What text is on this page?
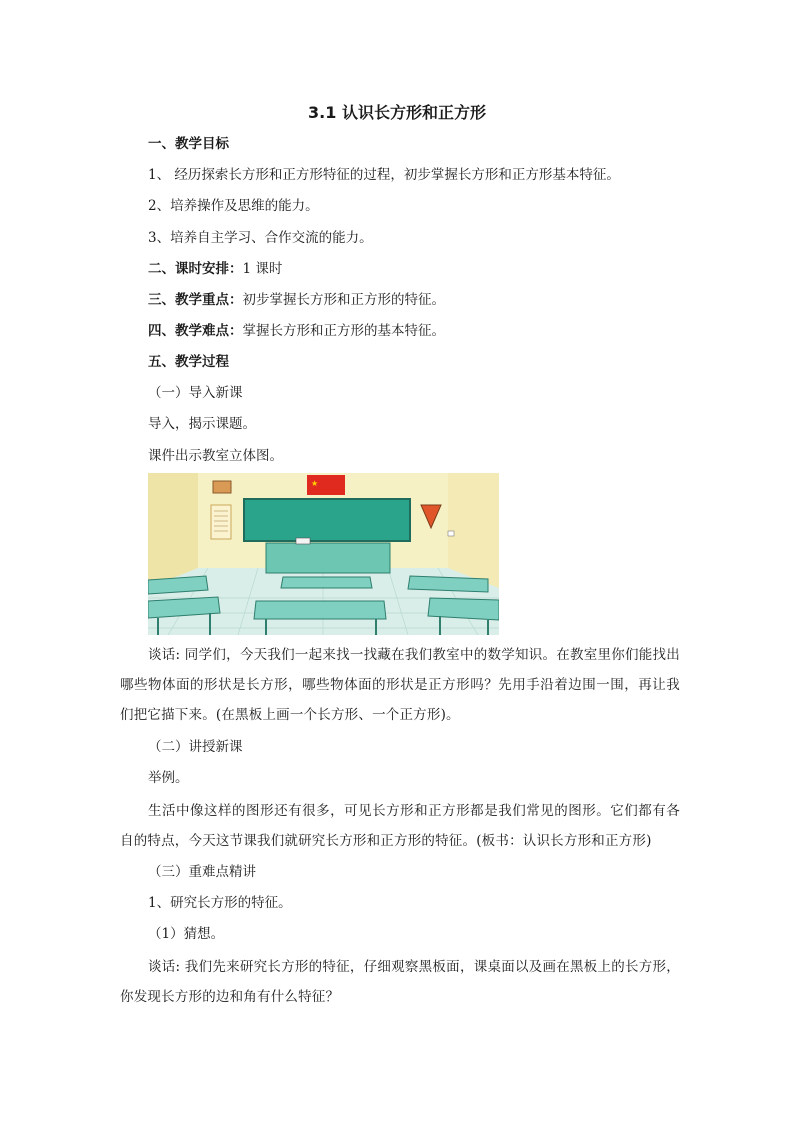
3.1 认识长方形和正方形
一、教学目标
1、 经历探索长方形和正方形特征的过程，初步掌握长方形和正方形基本特征。
2、培养操作及思维的能力。
3、培养自主学习、合作交流的能力。
二、课时安排：1 课时
三、教学重点：初步掌握长方形和正方形的特征。
四、教学难点：掌握长方形和正方形的基本特征。
五、教学过程
（一）导入新课
导入，揭示课题。
课件出示教室立体图。
★
谈话: 同学们，今天我们一起来找一找藏在我们教室中的数学知识。在教室里你们能找出哪些物体面的形状是长方形，哪些物体面的形状是正方形吗？先用手沿着边围一围，再让我们把它描下来。(在黑板上画一个长方形、一个正方形)。
（二）讲授新课
举例。
生活中像这样的图形还有很多，可见长方形和正方形都是我们常见的图形。它们都有各自的特点，今天这节课我们就研究长方形和正方形的特征。(板书：认识长方形和正方形)
（三）重难点精讲
1、研究长方形的特征。
（1）猜想。
谈话: 我们先来研究长方形的特征，仔细观察黑板面，课桌面以及画在黑板上的长方形，你发现长方形的边和角有什么特征？
